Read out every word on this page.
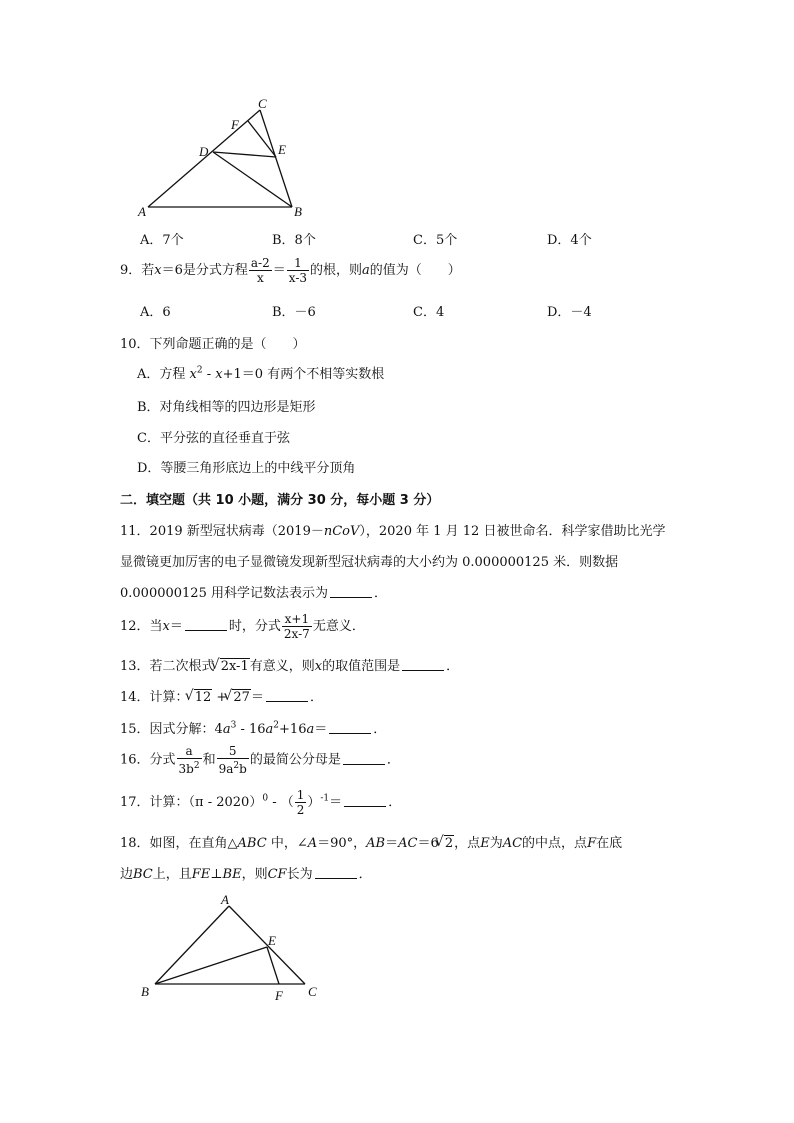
C
F
D	E
A	B
A．7个	B．8个	C．5个	D．4个
9．若x＝6是分式方程 $\frac{a-2}{x} = \frac{1}{x-3}$ 的根，则a的值为（　　）
A．6	B．－6	C．4	D．－4
10．下列命题正确的是（　　）
A．方程 $x^2 - x+1=0$ 有两个不相等实数根
B．对角线相等的四边形是矩形
C．平分弦的直径垂直于弦
D．等腰三角形底边上的中线平分顶角
二．填空题（共 10 小题，满分 30 分，每小题 3 分）
11．2019 新型冠状病毒（2019－nCoV），2020 年 1 月 12 日被世命名．科学家借助比光学
显微镜更加厉害的电子显微镜发现新型冠状病毒的大小约为 0.000000125 米．则数据
0.000000125 用科学记数法表示为	．
12．当x＝	时，分式 $\frac{x+1}{2x-7}$ 无意义．
13．若二次根式 √ 2x-1有意义，则x的取值范围是	．
14．计算： √ 12 + √ 27＝	．
15．因式分解：$4a^3 - 16a^2+16a=$	．
16．分式 $\frac{a}{3b^2}$ 和 $\frac{5}{9a^2b}$ 的最简公分母是	．
17．计算：（π - 2020）$^0$ - （ $\frac{1}{2} )^{-1}=$	．
18．如图，在直角△ABC 中，∠A＝90°，AB＝AC＝6 √ 2，点E为AC的中点，点F在底
边BC上，且FE⊥BE，则CF长为	．
A
E
B	F C
